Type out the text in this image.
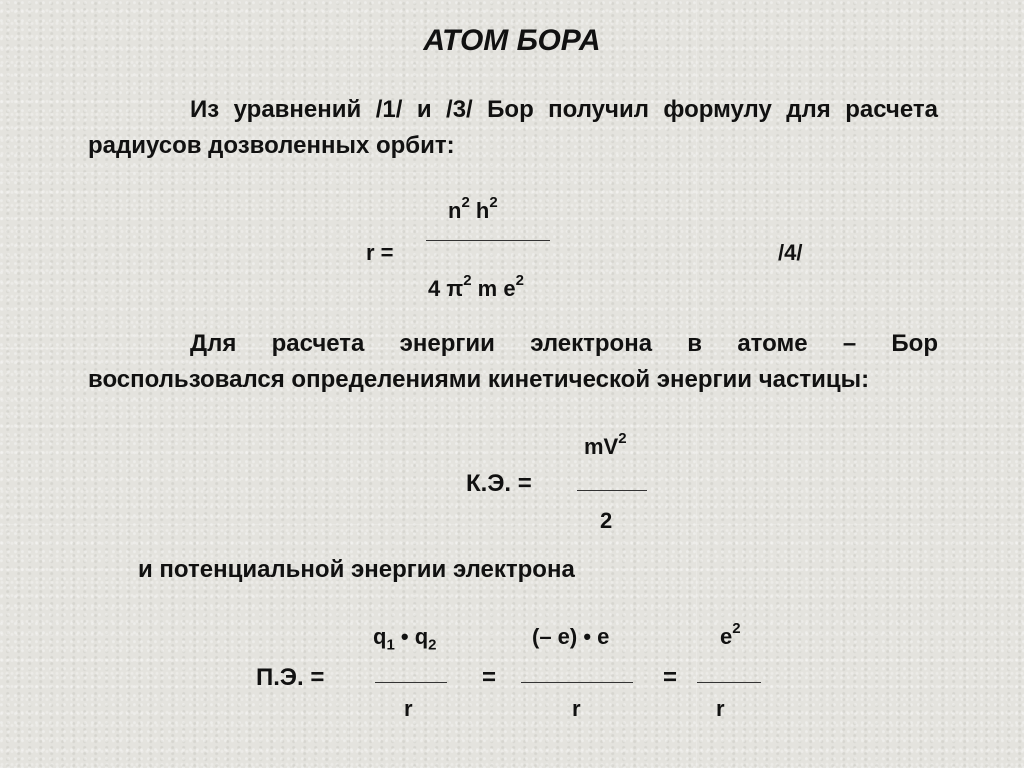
АТОМ БОРА
Из уравнений /1/ и /3/ Бор получил формулу для расчета радиусов дозволенных орбит:
$n^2$ $h^2$
r =
4 $\pi^2$ m $e^2$
/4/
Для расчета энергии электрона в атоме – Бор воспользовался определениями кинетической энергии частицы:
$mV^2$
К.Э. =
2
и потенциальной энергии электрона
$q_1$ • $q_2$	(– e) • e	$e^2$
П.Э. =	=	=
r	r	r
